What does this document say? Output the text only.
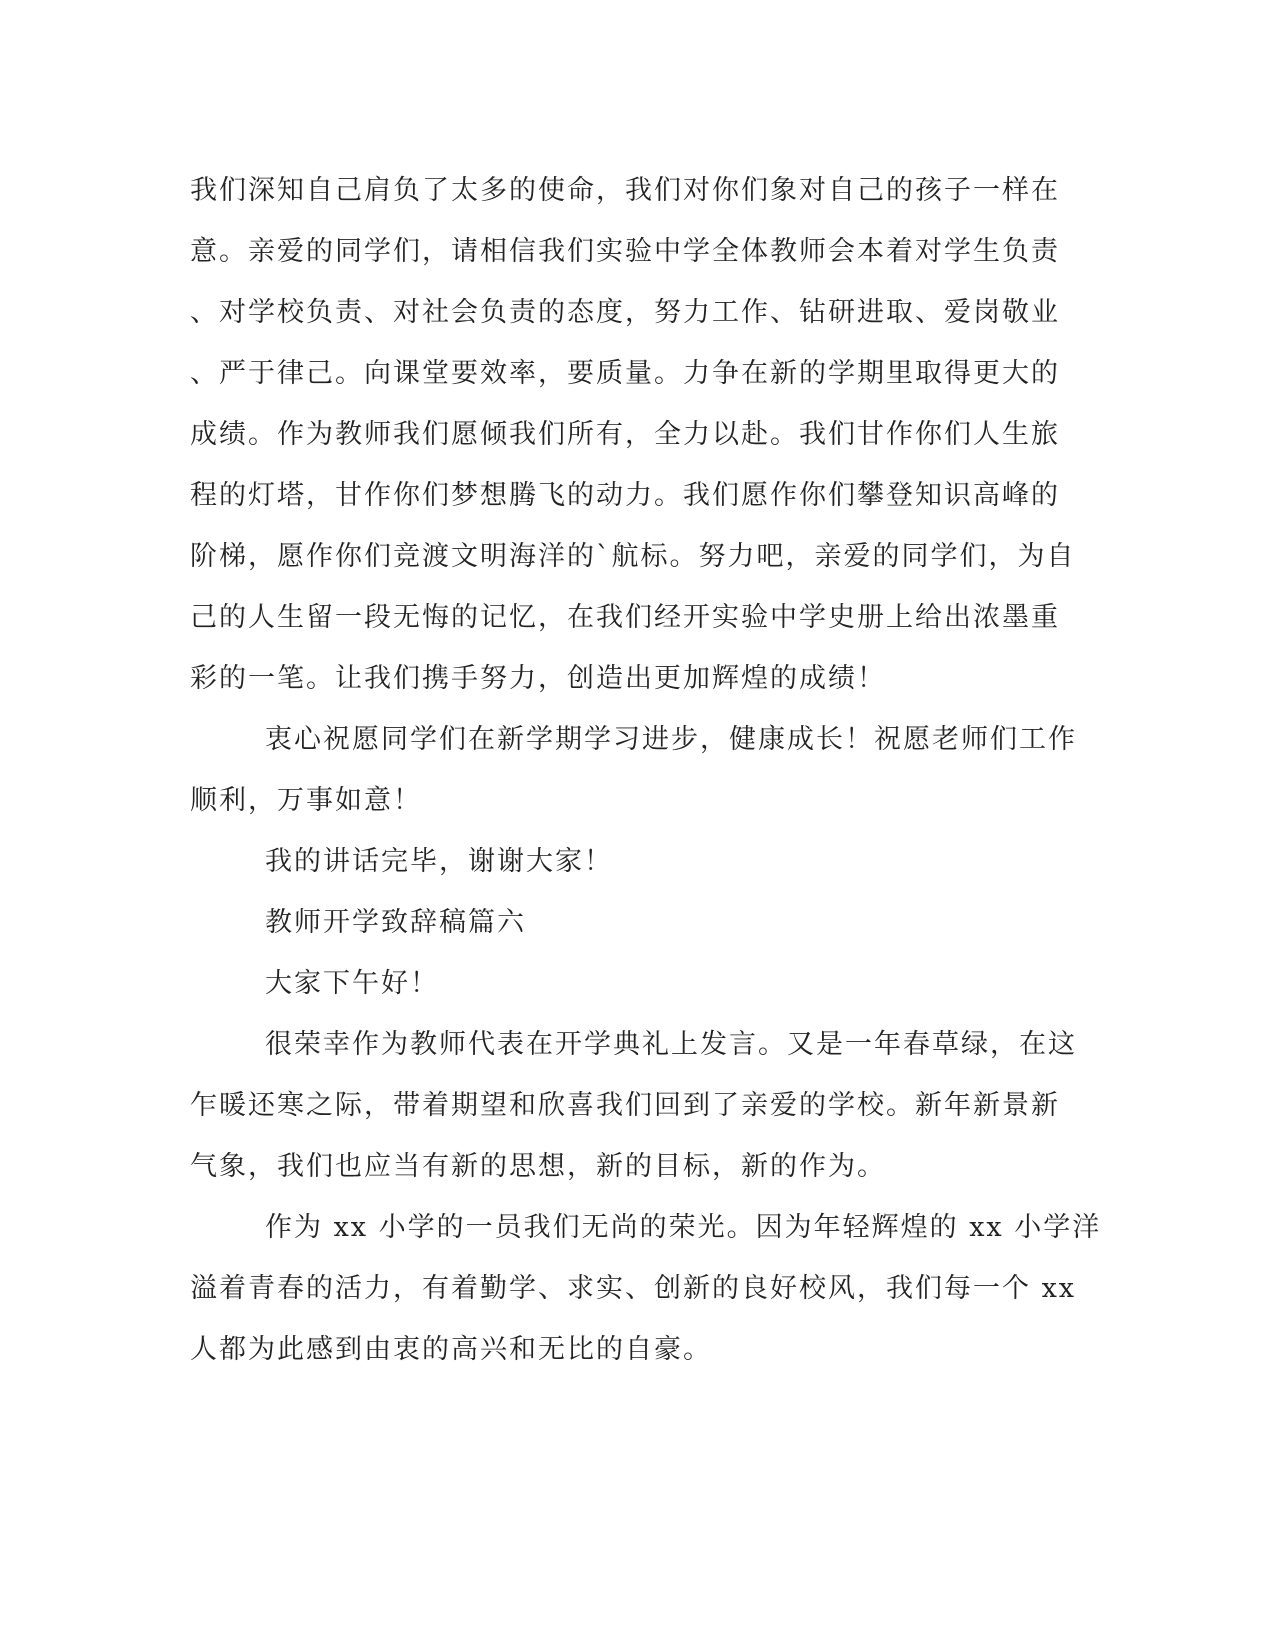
我们深知自己肩负了太多的使命，我们对你们象对自己的孩子一样在
意。亲爱的同学们，请相信我们实验中学全体教师会本着对学生负责
、对学校负责、对社会负责的态度，努力工作、钻研进取、爱岗敬业
、严于律己。向课堂要效率，要质量。力争在新的学期里取得更大的
成绩。作为教师我们愿倾我们所有，全力以赴。我们甘作你们人生旅
程的灯塔，甘作你们梦想腾飞的动力。我们愿作你们攀登知识高峰的
阶梯，愿作你们竞渡文明海洋的`航标。努力吧，亲爱的同学们，为自
己的人生留一段无悔的记忆，在我们经开实验中学史册上给出浓墨重
彩的一笔。让我们携手努力，创造出更加辉煌的成绩！
衷心祝愿同学们在新学期学习进步，健康成长！祝愿老师们工作
顺利，万事如意！
我的讲话完毕，谢谢大家！
教师开学致辞稿篇六
大家下午好！
很荣幸作为教师代表在开学典礼上发言。又是一年春草绿，在这
乍暖还寒之际，带着期望和欣喜我们回到了亲爱的学校。新年新景新
气象，我们也应当有新的思想，新的目标，新的作为。
作为 xx 小学的一员我们无尚的荣光。因为年轻辉煌的 xx 小学洋
溢着青春的活力，有着勤学、求实、创新的良好校风，我们每一个 xx
人都为此感到由衷的高兴和无比的自豪。
